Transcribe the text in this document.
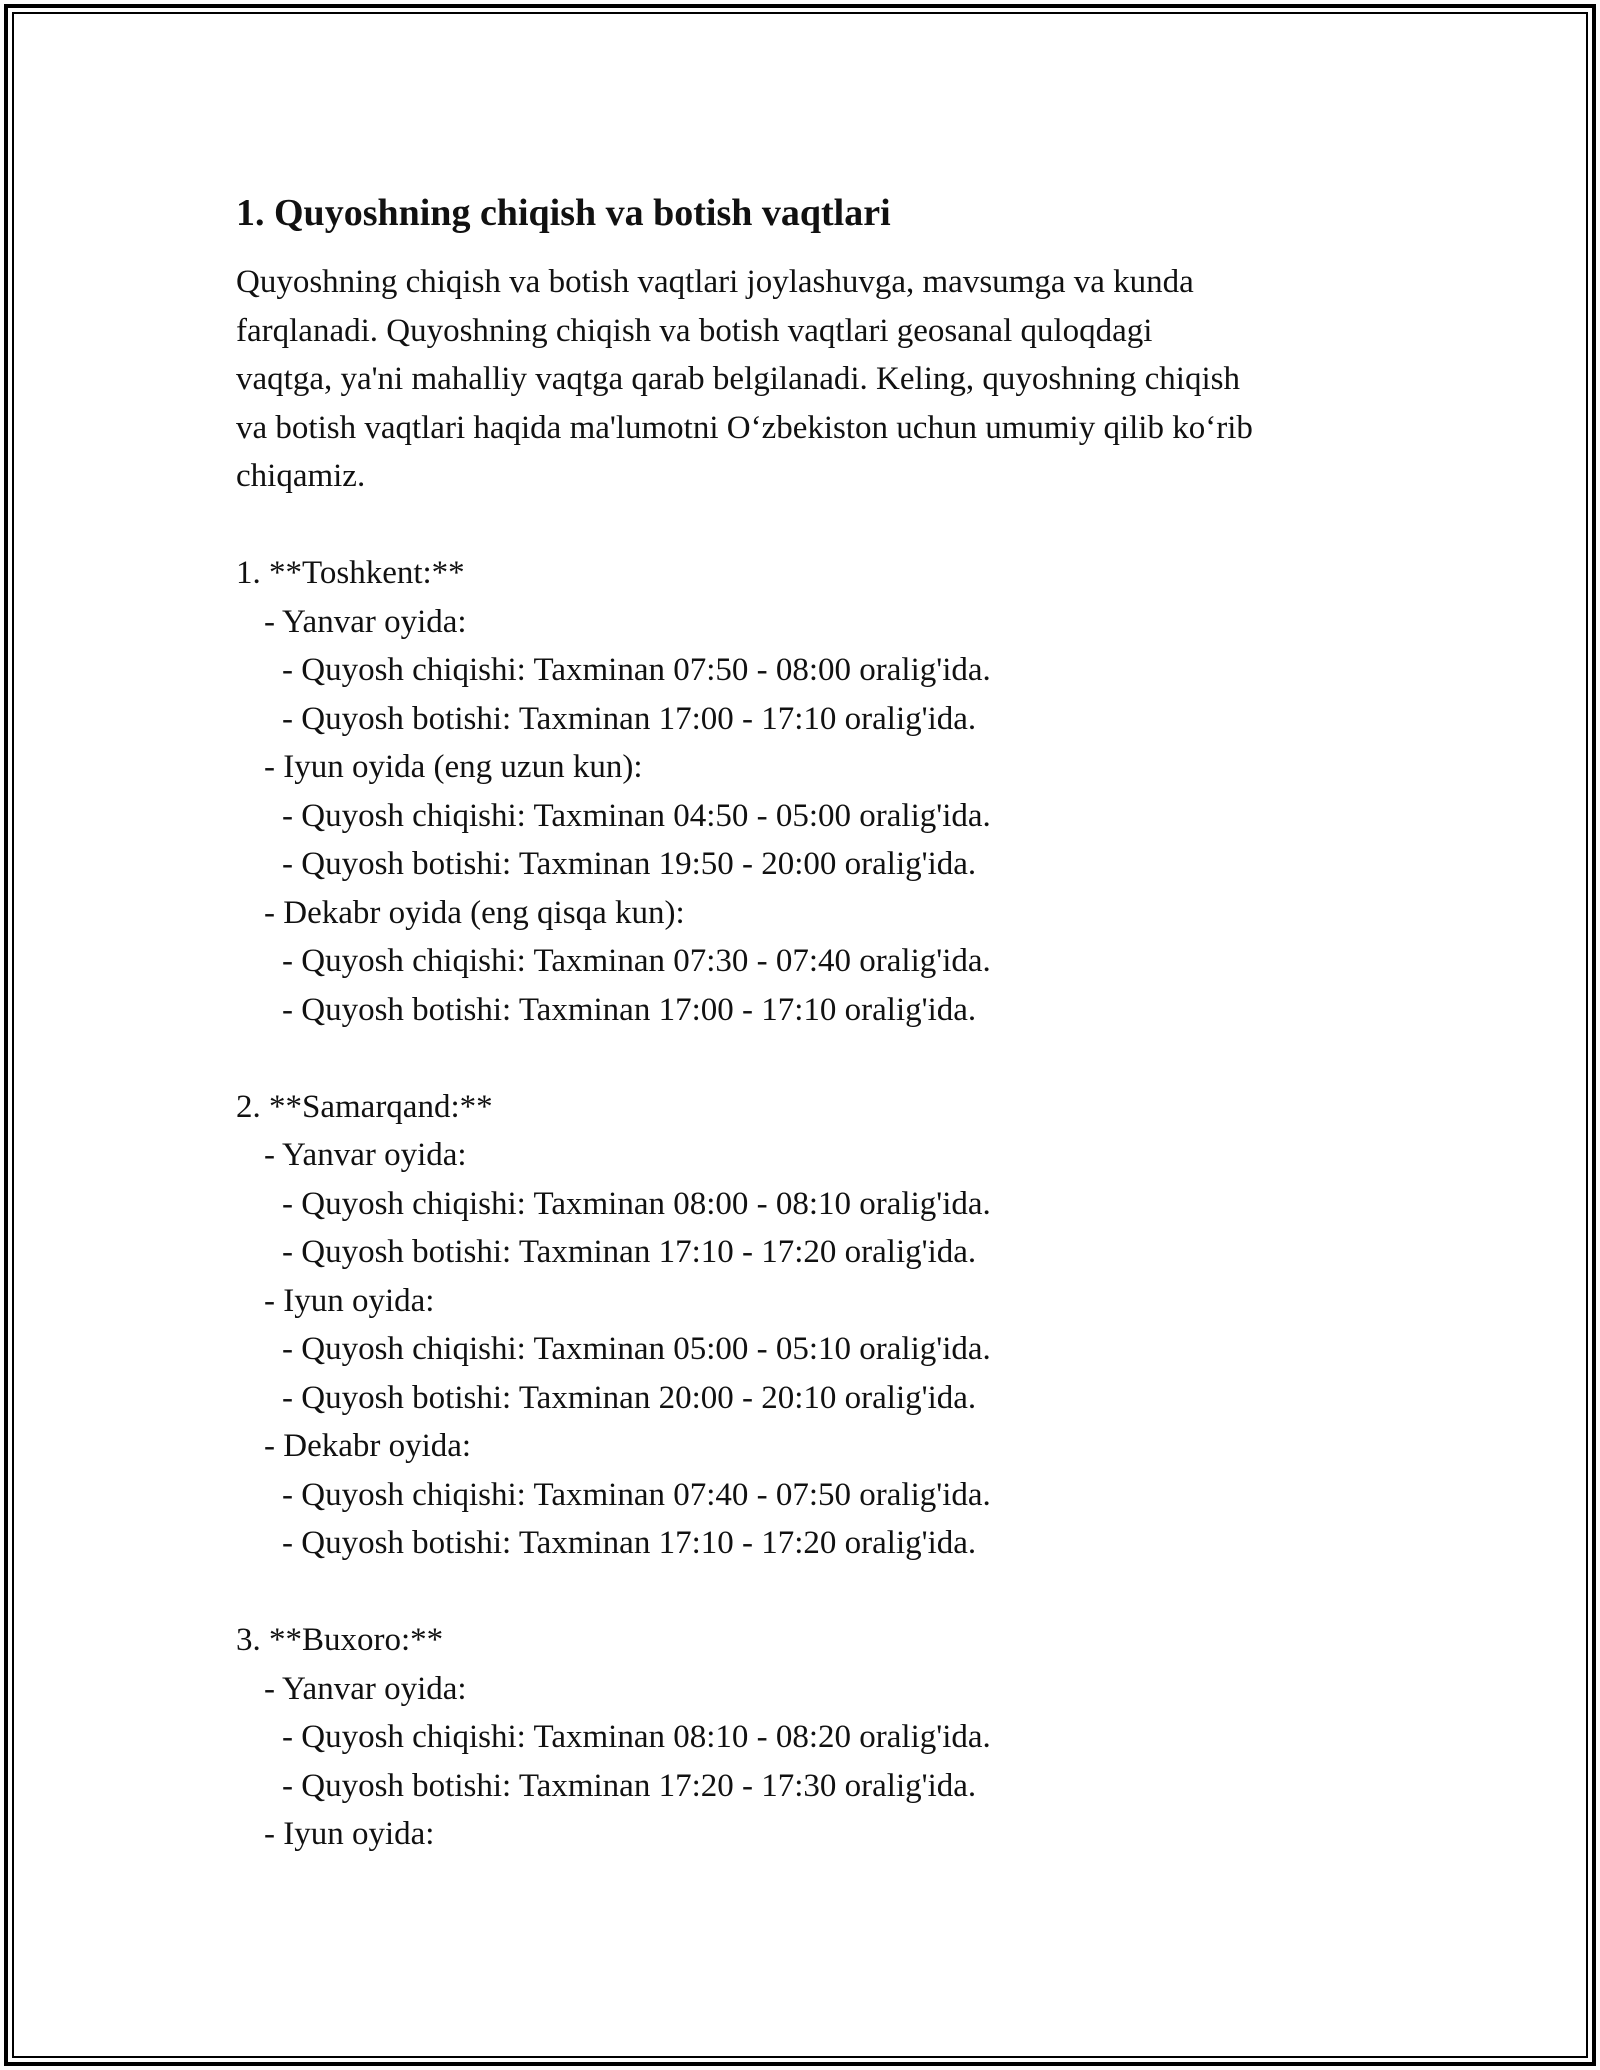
1. Quyoshning chiqish va botish vaqtlari

Quyoshning chiqish va botish vaqtlari joylashuvga, mavsumga va kunda
farqlanadi. Quyoshning chiqish va botish vaqtlari geosanal quloqdagi
vaqtga, ya'ni mahalliy vaqtga qarab belgilanadi. Keling, quyoshning chiqish
va botish vaqtlari haqida ma'lumotni O‘zbekiston uchun umumiy qilib ko‘rib
chiqamiz.

1. **Toshkent:**
- Yanvar oyida:
- Quyosh chiqishi: Taxminan 07:50 - 08:00 oralig'ida.
- Quyosh botishi: Taxminan 17:00 - 17:10 oralig'ida.
- Iyun oyida (eng uzun kun):
- Quyosh chiqishi: Taxminan 04:50 - 05:00 oralig'ida.
- Quyosh botishi: Taxminan 19:50 - 20:00 oralig'ida.
- Dekabr oyida (eng qisqa kun):
- Quyosh chiqishi: Taxminan 07:30 - 07:40 oralig'ida.
- Quyosh botishi: Taxminan 17:00 - 17:10 oralig'ida.
2. **Samarqand:**
- Yanvar oyida:
- Quyosh chiqishi: Taxminan 08:00 - 08:10 oralig'ida.
- Quyosh botishi: Taxminan 17:10 - 17:20 oralig'ida.
- Iyun oyida:
- Quyosh chiqishi: Taxminan 05:00 - 05:10 oralig'ida.
- Quyosh botishi: Taxminan 20:00 - 20:10 oralig'ida.
- Dekabr oyida:
- Quyosh chiqishi: Taxminan 07:40 - 07:50 oralig'ida.
- Quyosh botishi: Taxminan 17:10 - 17:20 oralig'ida.
3. **Buxoro:**
- Yanvar oyida:
- Quyosh chiqishi: Taxminan 08:10 - 08:20 oralig'ida.
- Quyosh botishi: Taxminan 17:20 - 17:30 oralig'ida.
- Iyun oyida:
